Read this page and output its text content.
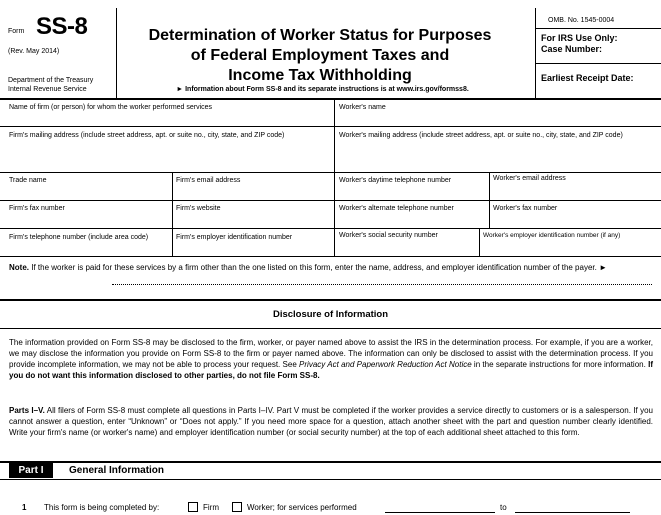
Form SS-8
(Rev. May 2014)
Department of the Treasury
Internal Revenue Service
Determination of Worker Status for Purposes
of Federal Employment Taxes and
Income Tax Withholding
► Information about Form SS-8 and its separate instructions is at www.irs.gov/formss8.
OMB. No. 1545-0004
For IRS Use Only:
Case Number:
Earliest Receipt Date:
Name of firm (or person) for whom the worker performed services	Worker's name
Firm's mailing address (include street address, apt. or suite no., city, state, and ZIP code)	Worker's mailing address (include street address, apt. or suite no., city, state, and ZIP code)
Trade name	Firm's email address	Worker's daytime telephone number	Worker's email address
Firm's fax number	Firm's website	Worker's alternate telephone number	Worker's fax number
Firm's telephone number (include area code)	Firm's employer identification number	Worker's social security number	Worker's employer identification number (if any)
Note. If the worker is paid for these services by a firm other than the one listed on this form, enter the name, address, and employer identification number of the payer. ►
Disclosure of Information
The information provided on Form SS-8 may be disclosed to the firm, worker, or payer named above to assist the IRS in the determination process. For example, if you are a worker, we may disclose the information you provide on Form SS-8 to the firm or payer named above. The information can only be disclosed to assist with the determination process. If you provide incomplete information, we may not be able to process your request. See Privacy Act and Paperwork Reduction Act Notice in the separate instructions for more information. If you do not want this information disclosed to other parties, do not file Form SS-8.
Parts I–V. All filers of Form SS-8 must complete all questions in Parts I–IV. Part V must be completed if the worker provides a service directly to customers or is a salesperson. If you cannot answer a question, enter “Unknown” or “Does not apply.” If you need more space for a question, attach another sheet with the part and question number clearly identified. Write your firm's name (or worker's name) and employer identification number (or social security number) at the top of each additional sheet attached to this form.
Part I	General Information
1 This form is being completed by:	Firm	Worker; for services performed	to
